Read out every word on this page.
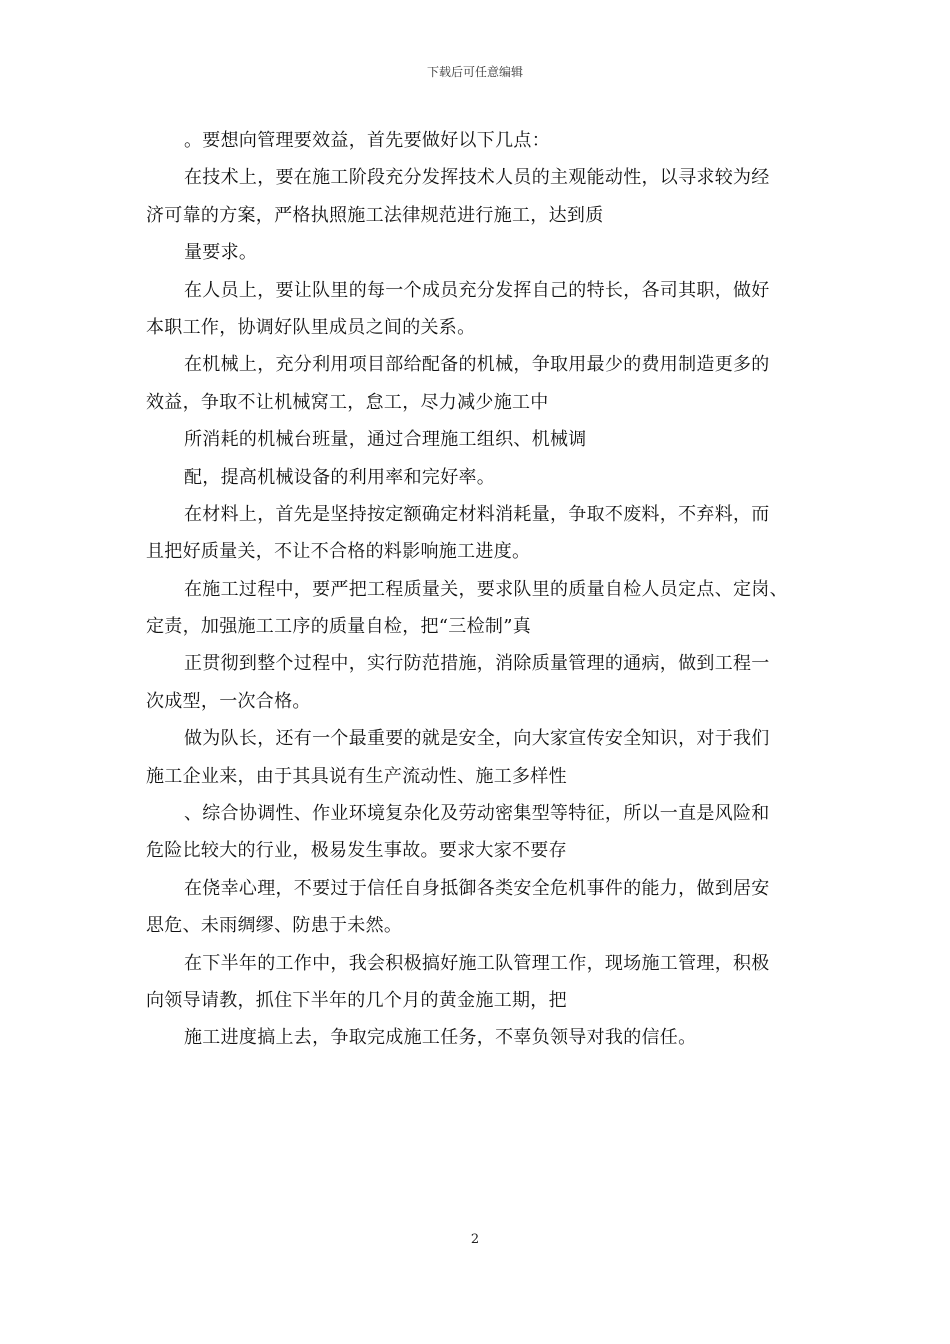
下载后可任意编辑
。要想向管理要效益，首先要做好以下几点：
在技术上，要在施工阶段充分发挥技术人员的主观能动性，以寻求较为经
济可靠的方案，严格执照施工法律规范进行施工，达到质
量要求。
在人员上，要让队里的每一个成员充分发挥自己的特长，各司其职，做好
本职工作，协调好队里成员之间的关系。
在机械上，充分利用项目部给配备的机械，争取用最少的费用制造更多的
效益，争取不让机械窝工，怠工，尽力减少施工中
所消耗的机械台班量，通过合理施工组织、机械调
配，提高机械设备的利用率和完好率。
在材料上，首先是坚持按定额确定材料消耗量，争取不废料，不弃料，而
且把好质量关，不让不合格的料影响施工进度。
在施工过程中，要严把工程质量关，要求队里的质量自检人员定点、定岗、
定责，加强施工工序的质量自检，把“三检制”真
正贯彻到整个过程中，实行防范措施，消除质量管理的通病，做到工程一
次成型，一次合格。
做为队长，还有一个最重要的就是安全，向大家宣传安全知识，对于我们
施工企业来，由于其具说有生产流动性、施工多样性
、综合协调性、作业环境复杂化及劳动密集型等特征，所以一直是风险和
危险比较大的行业，极易发生事故。要求大家不要存
在侥幸心理，不要过于信任自身抵御各类安全危机事件的能力，做到居安
思危、未雨绸缪、防患于未然。
在下半年的工作中，我会积极搞好施工队管理工作，现场施工管理，积极
向领导请教，抓住下半年的几个月的黄金施工期，把
施工进度搞上去，争取完成施工任务，不辜负领导对我的信任。
2
